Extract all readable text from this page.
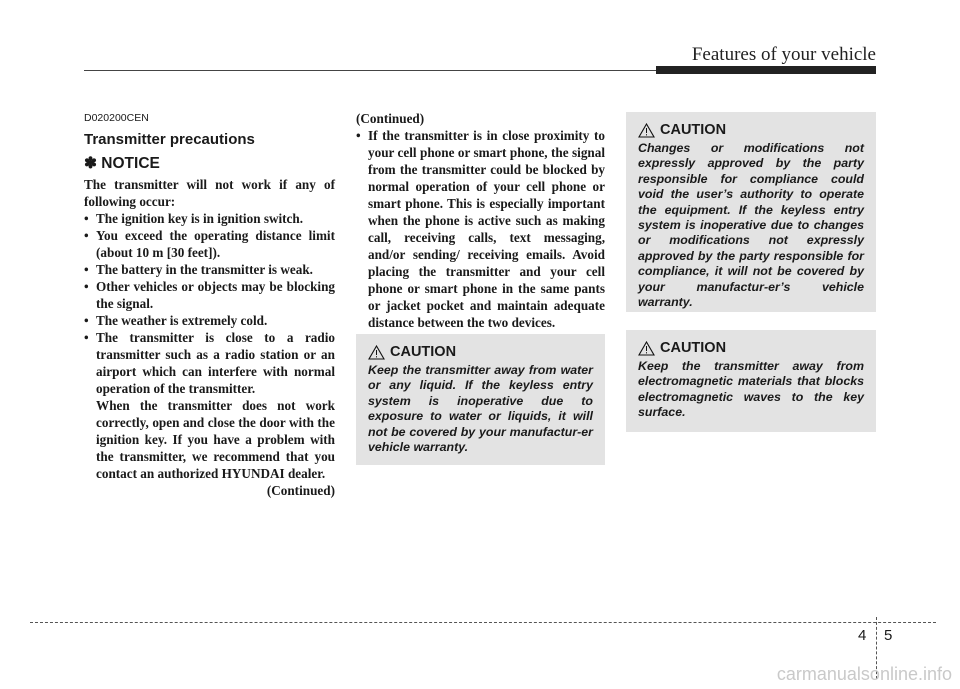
Features of your vehicle
D020200CEN
Transmitter precautions
✽ NOTICE

The transmitter will not work if any of following occur:

• The ignition key is in ignition switch.
• You exceed the operating distance limit (about 10 m [30 feet]).
• The battery in the transmitter is weak.
• Other vehicles or objects may be blocking the signal.
• The weather is extremely cold.
• The transmitter is close to a radio transmitter such as a radio station or an airport which can interfere with normal operation of the transmitter.

When the transmitter does not work correctly, open and close the door with the ignition key. If you have a problem with the transmitter, we recommend that you contact an authorized HYUNDAI dealer.

(Continued)

(Continued)

• If the transmitter is in close proximity to your cell phone or smart phone, the signal from the transmitter could be blocked by normal operation of your cell phone or smart phone. This is especially important when the phone is active such as making call, receiving calls, text messaging, and/or sending/ receiving emails. Avoid placing the transmitter and your cell phone or smart phone in the same pants or jacket pocket and maintain adequate distance between the two devices.
CAUTION

Changes or modifications not expressly approved by the party responsible for compliance could void the user’s authority to operate the equipment. If the keyless entry system is inoperative due to changes or modifications not expressly approved by the party responsible for compliance, it will not be covered by your manufactur-er’s vehicle warranty.

CAUTION

Keep the transmitter away from water or any liquid. If the keyless entry system is inoperative due to exposure to water or liquids, it will not be covered by your manufactur-er vehicle warranty.

CAUTION

Keep the transmitter away from electromagnetic materials that blocks electromagnetic waves to the key surface.

4 5
carmanualsonline.info
